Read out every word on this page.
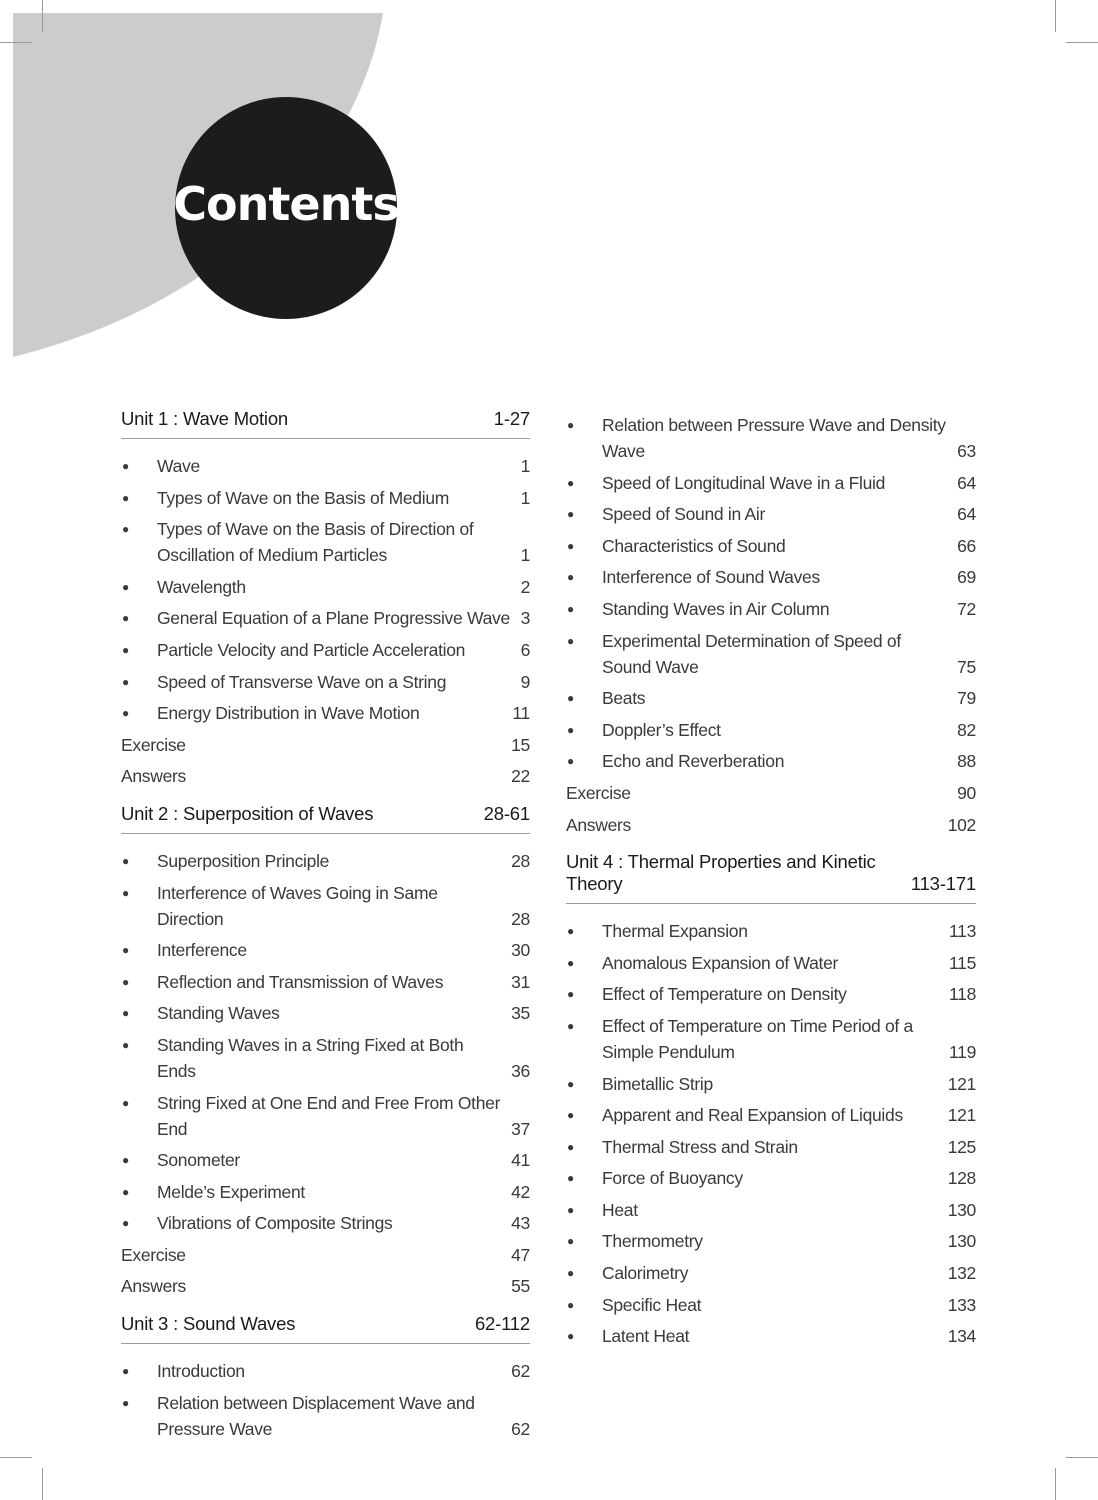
Contents
Unit 1 : Wave Motion	1-27
●	Wave	1
●	Types of Wave on the Basis of Medium	1
●	Types of Wave on the Basis of Direction of Oscillation of Medium Particles	1
●	Wavelength	2
●	General Equation of a Plane Progressive Wave 3
●	Particle Velocity and Particle Acceleration	6
●	Speed of Transverse Wave on a String	9
●	Energy Distribution in Wave Motion	11
Exercise	15
Answers	22
Unit 2 : Superposition of Waves	28-61
●	Superposition Principle	28
●	Interference of Waves Going in Same Direction	28
●	Interference	30
●	Reflection and Transmission of Waves	31
●	Standing Waves	35
●	Standing Waves in a String Fixed at Both Ends	36
●	String Fixed at One End and Free From Other End	37
●	Sonometer	41
●	Melde’s Experiment	42
●	Vibrations of Composite Strings	43
Exercise	47
Answers	55
Unit 3 : Sound Waves	62-112
●	Introduction	62
●	Relation between Displacement Wave and Pressure Wave	62
●	Relation between Pressure Wave and Density Wave	63
●	Speed of Longitudinal Wave in a Fluid	64
●	Speed of Sound in Air	64
●	Characteristics of Sound	66
●	Interference of Sound Waves	69
●	Standing Waves in Air Column	72
●	Experimental Determination of Speed of Sound Wave	75
●	Beats	79
●	Doppler’s Effect	82
●	Echo and Reverberation	88
Exercise	90
Answers	102
Unit 4 : Thermal Properties and Kinetic Theory	113-171
●	Thermal Expansion	113
●	Anomalous Expansion of Water	115
●	Effect of Temperature on Density	118
●	Effect of Temperature on Time Period of a Simple Pendulum	119
●	Bimetallic Strip	121
●	Apparent and Real Expansion of Liquids	121
●	Thermal Stress and Strain	125
●	Force of Buoyancy	128
●	Heat	130
●	Thermometry	130
●	Calorimetry	132
●	Specific Heat	133
●	Latent Heat	134
